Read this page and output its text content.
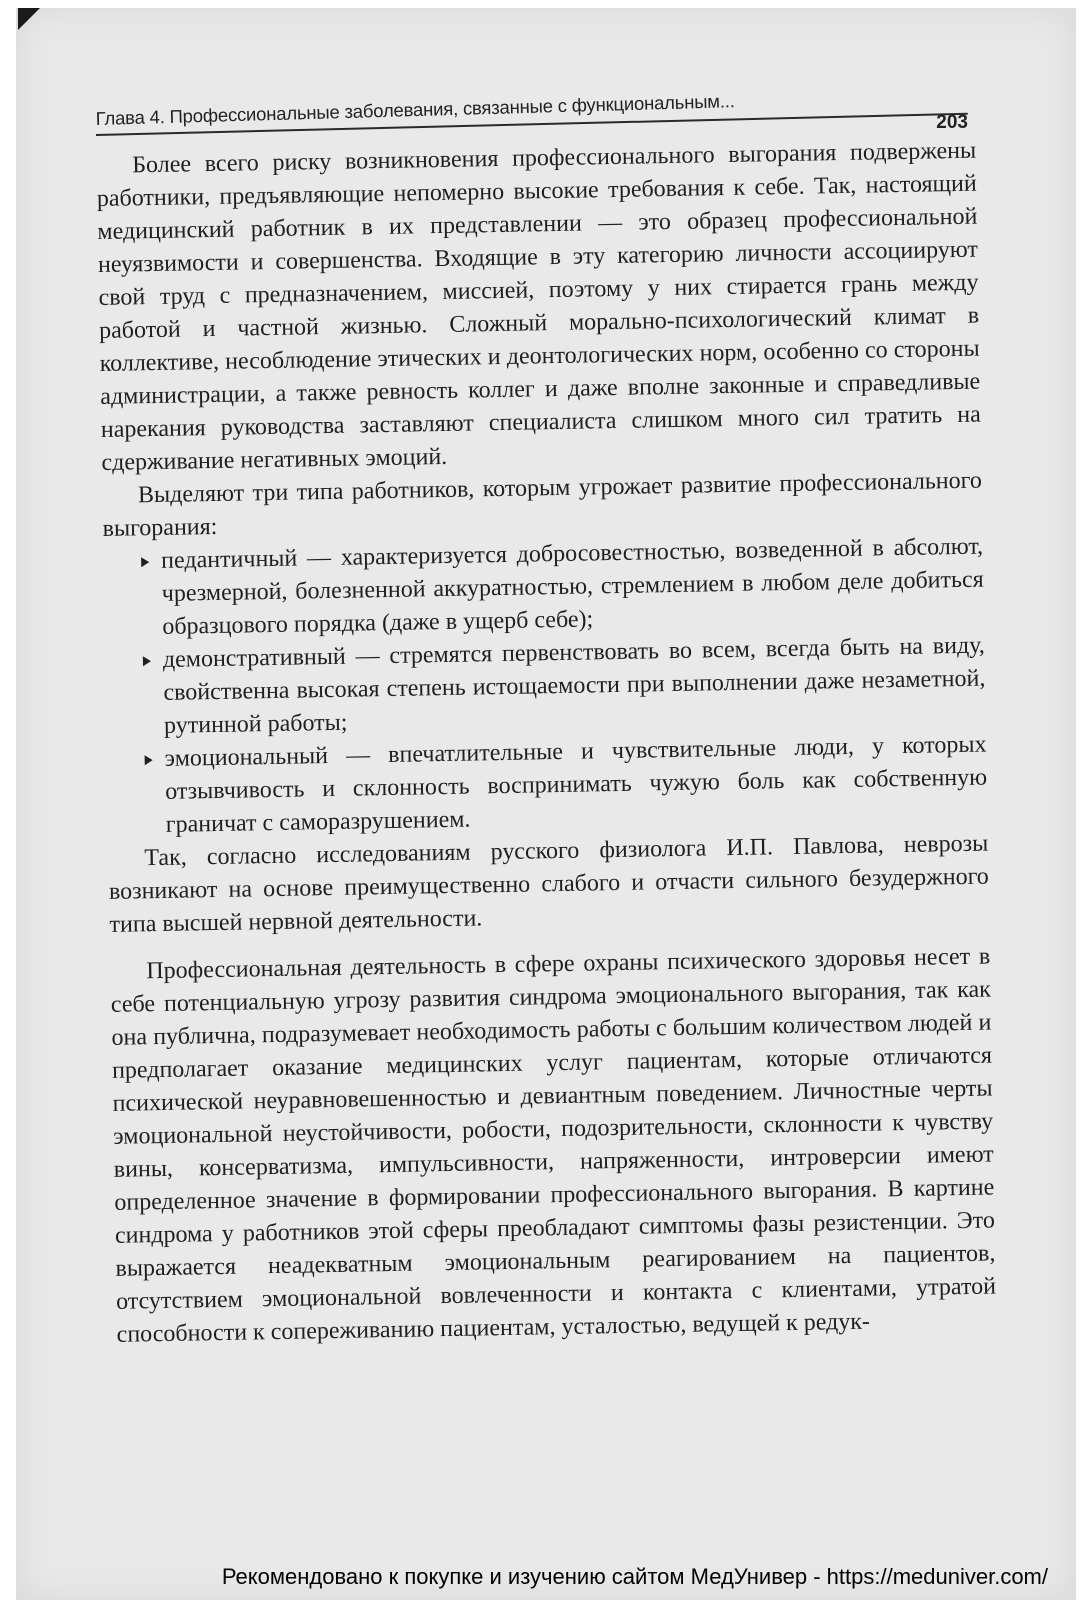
Глава 4. Профессиональные заболевания, связанные с функциональным...	203

Более всего риску возникновения профессионального выгорания подвержены работники, предъявляющие непомерно высокие требования к себе. Так, настоящий медицинский работник в их представлении — это образец профессиональной неуязвимости и совершенства. Входящие в эту категорию личности ассоциируют свой труд с предназначением, миссией, поэтому у них стирается грань между работой и частной жизнью. Сложный морально-психологический климат в коллективе, несоблюдение этических и деонтологических норм, особенно со стороны администрации, а также ревность коллег и даже вполне законные и справедливые нарекания руководства заставляют специалиста слишком много сил тратить на сдерживание негативных эмоций.

Выделяют три типа работников, которым угрожает развитие профессионального выгорания:

педантичный — характеризуется добросовестностью, возведенной в абсолют, чрезмерной, болезненной аккуратностью, стремлением в любом деле добиться образцового порядка (даже в ущерб себе);
демонстративный — стремятся первенствовать во всем, всегда быть на виду, свойственна высокая степень истощаемости при выполнении даже незаметной, рутинной работы;
эмоциональный — впечатлительные и чувствительные люди, у которых отзывчивость и склонность воспринимать чужую боль как собственную граничат с саморазрушением.

Так, согласно исследованиям русского физиолога И.П. Павлова, неврозы возникают на основе преимущественно слабого и отчасти сильного безудержного типа высшей нервной деятельности.

Профессиональная деятельность в сфере охраны психического здоровья несет в себе потенциальную угрозу развития синдрома эмоционального выгорания, так как она публична, подразумевает необходимость работы с большим количеством людей и предполагает оказание медицинских услуг пациентам, которые отличаются психической неуравновешенностью и девиантным поведением. Личностные черты эмоциональной неустойчивости, робости, подозрительности, склонности к чувству вины, консерватизма, импульсивности, напряженности, интроверсии имеют определенное значение в формировании профессионального выгорания. В картине синдрома у работников этой сферы преобладают симптомы фазы резистенции. Это выражается неадекватным эмоциональным реагированием на пациентов, отсутствием эмоциональной вовлеченности и контакта с клиентами, утратой способности к сопереживанию пациентам, усталостью, ведущей к редук-

Рекомендовано к покупке и изучению сайтом МедУнивер - https://meduniver.com/
